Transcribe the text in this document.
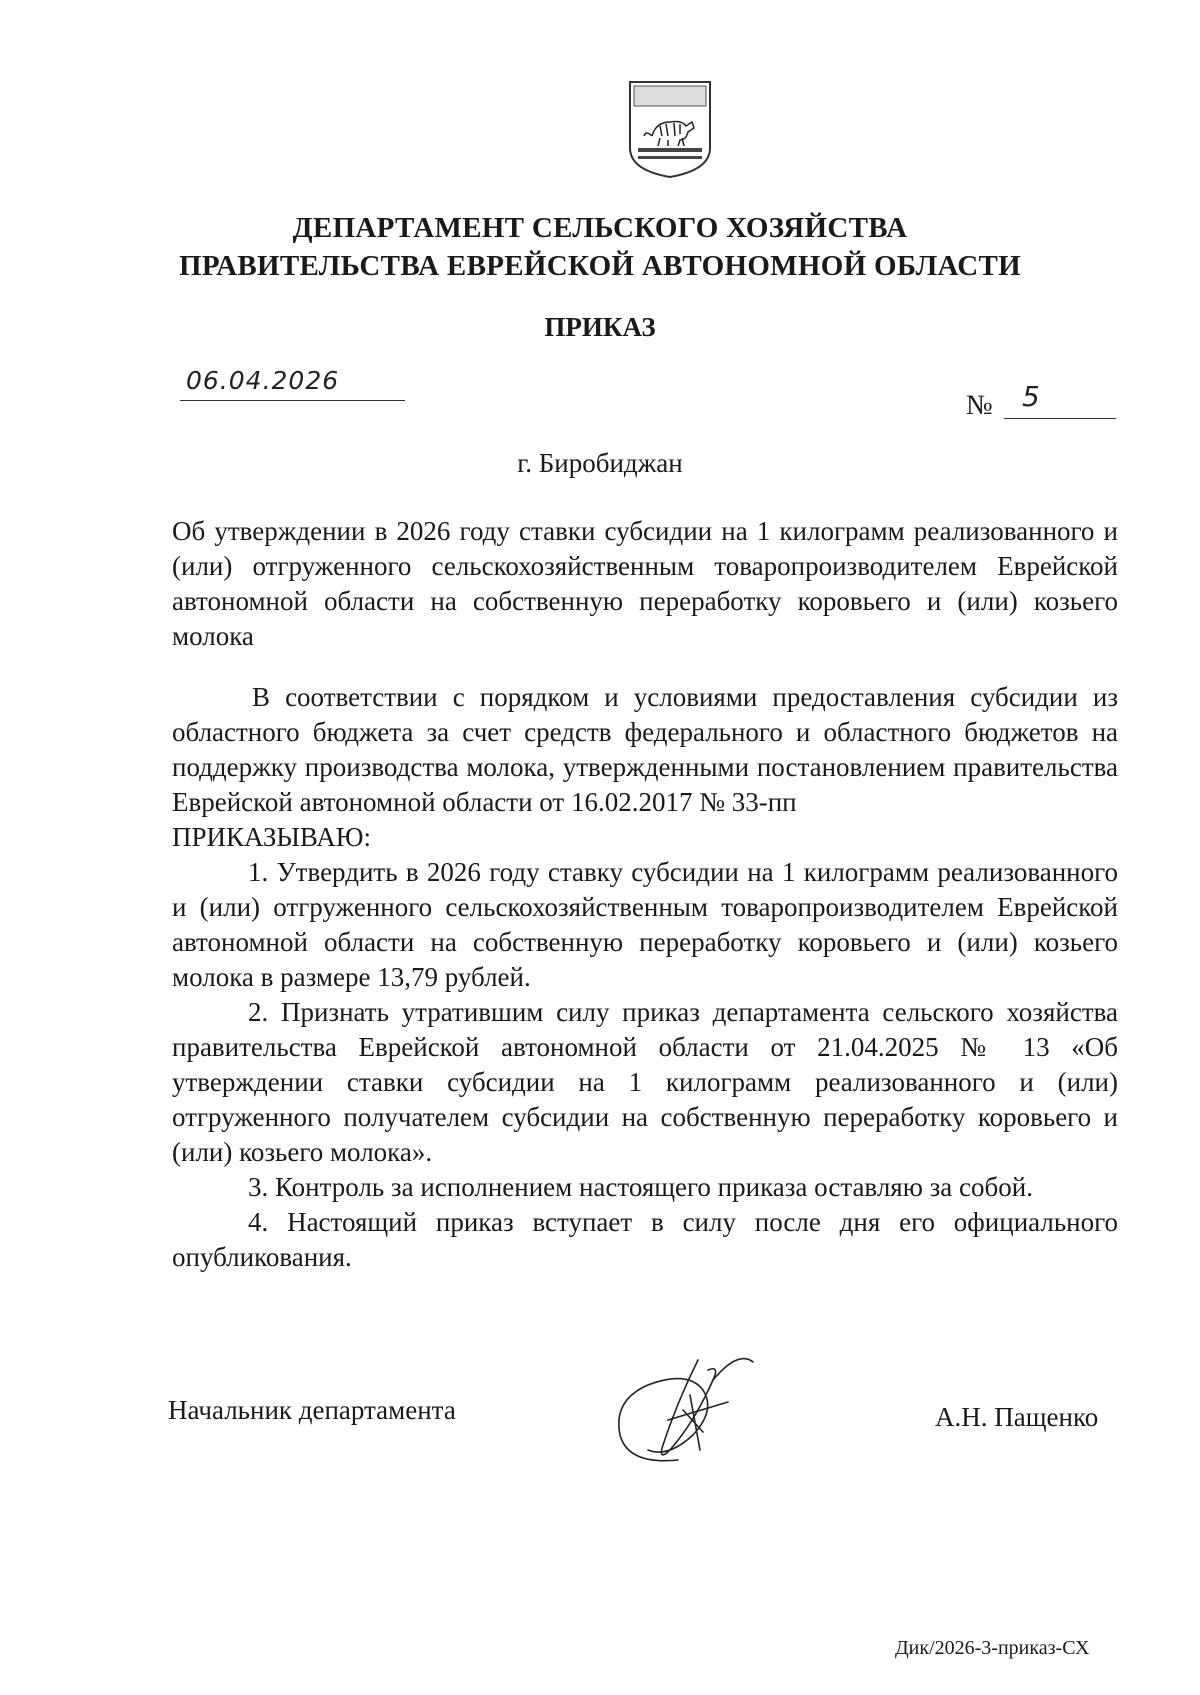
ДЕПАРТАМЕНТ СЕЛЬСКОГО ХОЗЯЙСТВА
ПРАВИТЕЛЬСТВА ЕВРЕЙСКОЙ АВТОНОМНОЙ ОБЛАСТИ
ПРИКАЗ
06.04.2026
№ 5
г. Биробиджан

Об утверждении в 2026 году ставки субсидии на 1 килограмм реализованного и (или) отгруженного сельскохозяйственным товаропроизводителем Еврейской автономной области на собственную переработку коровьего и (или) козьего молока

В соответствии с порядком и условиями предоставления субсидии из областного бюджета за счет средств федерального и областного бюджетов на поддержку производства молока, утвержденными постановлением правительства Еврейской автономной области от 16.02.2017 № 33-пп

ПРИКАЗЫВАЮ:

1. Утвердить в 2026 году ставку субсидии на 1 килограмм реализованного и (или) отгруженного сельскохозяйственным товаропроизводителем Еврейской автономной области на собственную переработку коровьего и (или) козьего молока в размере 13,79 рублей.

2. Признать утратившим силу приказ департамента сельского хозяйства правительства Еврейской автономной области от 21.04.2025 № 13 «Об утверждении ставки субсидии на 1 килограмм реализованного и (или) отгруженного получателем субсидии на собственную переработку коровьего и (или) козьего молока».

3. Контроль за исполнением настоящего приказа оставляю за собой.

4. Настоящий приказ вступает в силу после дня его официального опубликования.

Начальник департамента	А.Н. Пащенко
Дик/2026-3-приказ-СХ
